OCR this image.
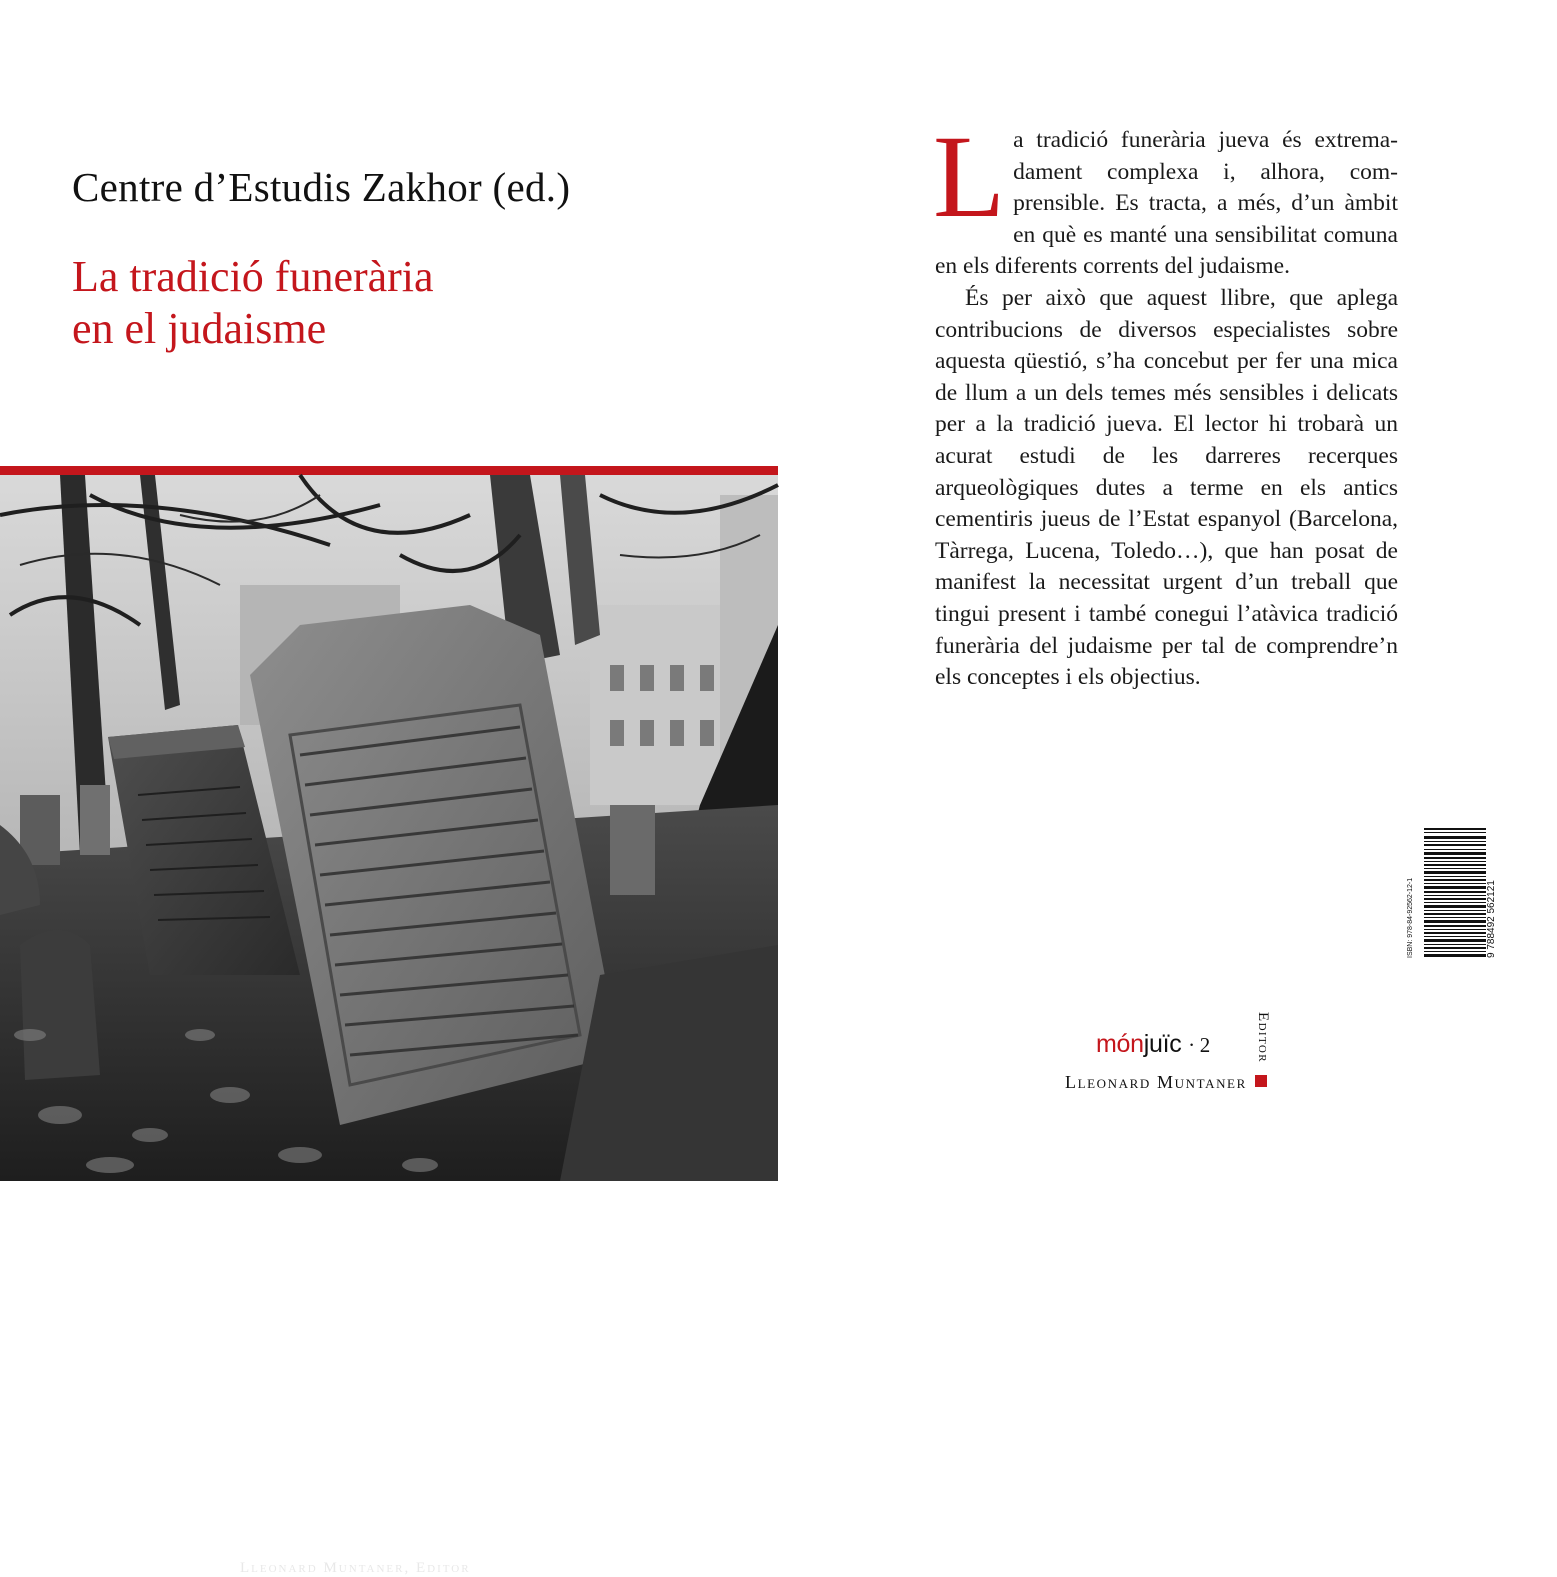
Centre d’Estudis Zakhor (ed.)
La tradició funerària
en el judaisme
Lleonard Muntaner, Editor

L a tradició funerària jueva és extremadament complexa i, alhora, comprensible. Es tracta, a més, d’un àmbit en què es manté una sensibilitat comuna en els diferents corrents del judaisme.

És per això que aquest llibre, que aplega contribucions de diversos especialistes sobre aquesta qüestió, s’ha concebut per fer una mica de llum a un dels temes més sensibles i delicats per a la tradició jueva. El lector hi trobarà un acurat estudi de les darreres recerques arqueològiques dutes a terme en els antics cementiris jueus de l’Estat espanyol (Barcelona, Tàrrega, Lucena, Toledo…), que han posat de manifest la necessitat urgent d’un treball que tingui present i també conegui l’atàvica tradició funerària del judaisme per tal de comprendre’n els conceptes i els objectius.

ISBN: 978-84-92562-12-1	9 788492 562121
mónjuïc · 2
Lleonard Muntaner
Editor
